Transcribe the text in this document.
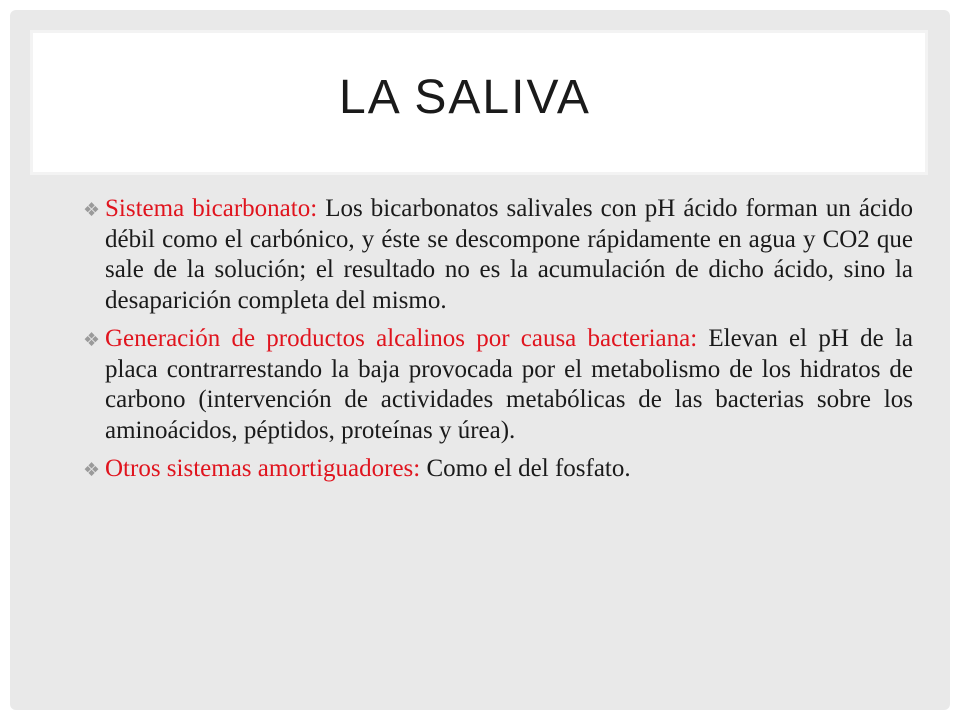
LA SALIVA
❖ Sistema bicarbonato: Los bicarbonatos salivales con pH ácido forman un ácido débil como el carbónico, y éste se descompone rápidamente en agua y CO2 que sale de la solución; el resultado no es la acumulación de dicho ácido, sino la desaparición completa del mismo.
❖ Generación de productos alcalinos por causa bacteriana: Elevan el pH de la placa contrarrestando la baja provocada por el metabolismo de los hidratos de carbono (intervención de actividades metabólicas de las bacterias sobre los aminoácidos, péptidos, proteínas y úrea).
❖ Otros sistemas amortiguadores: Como el del fosfato.
